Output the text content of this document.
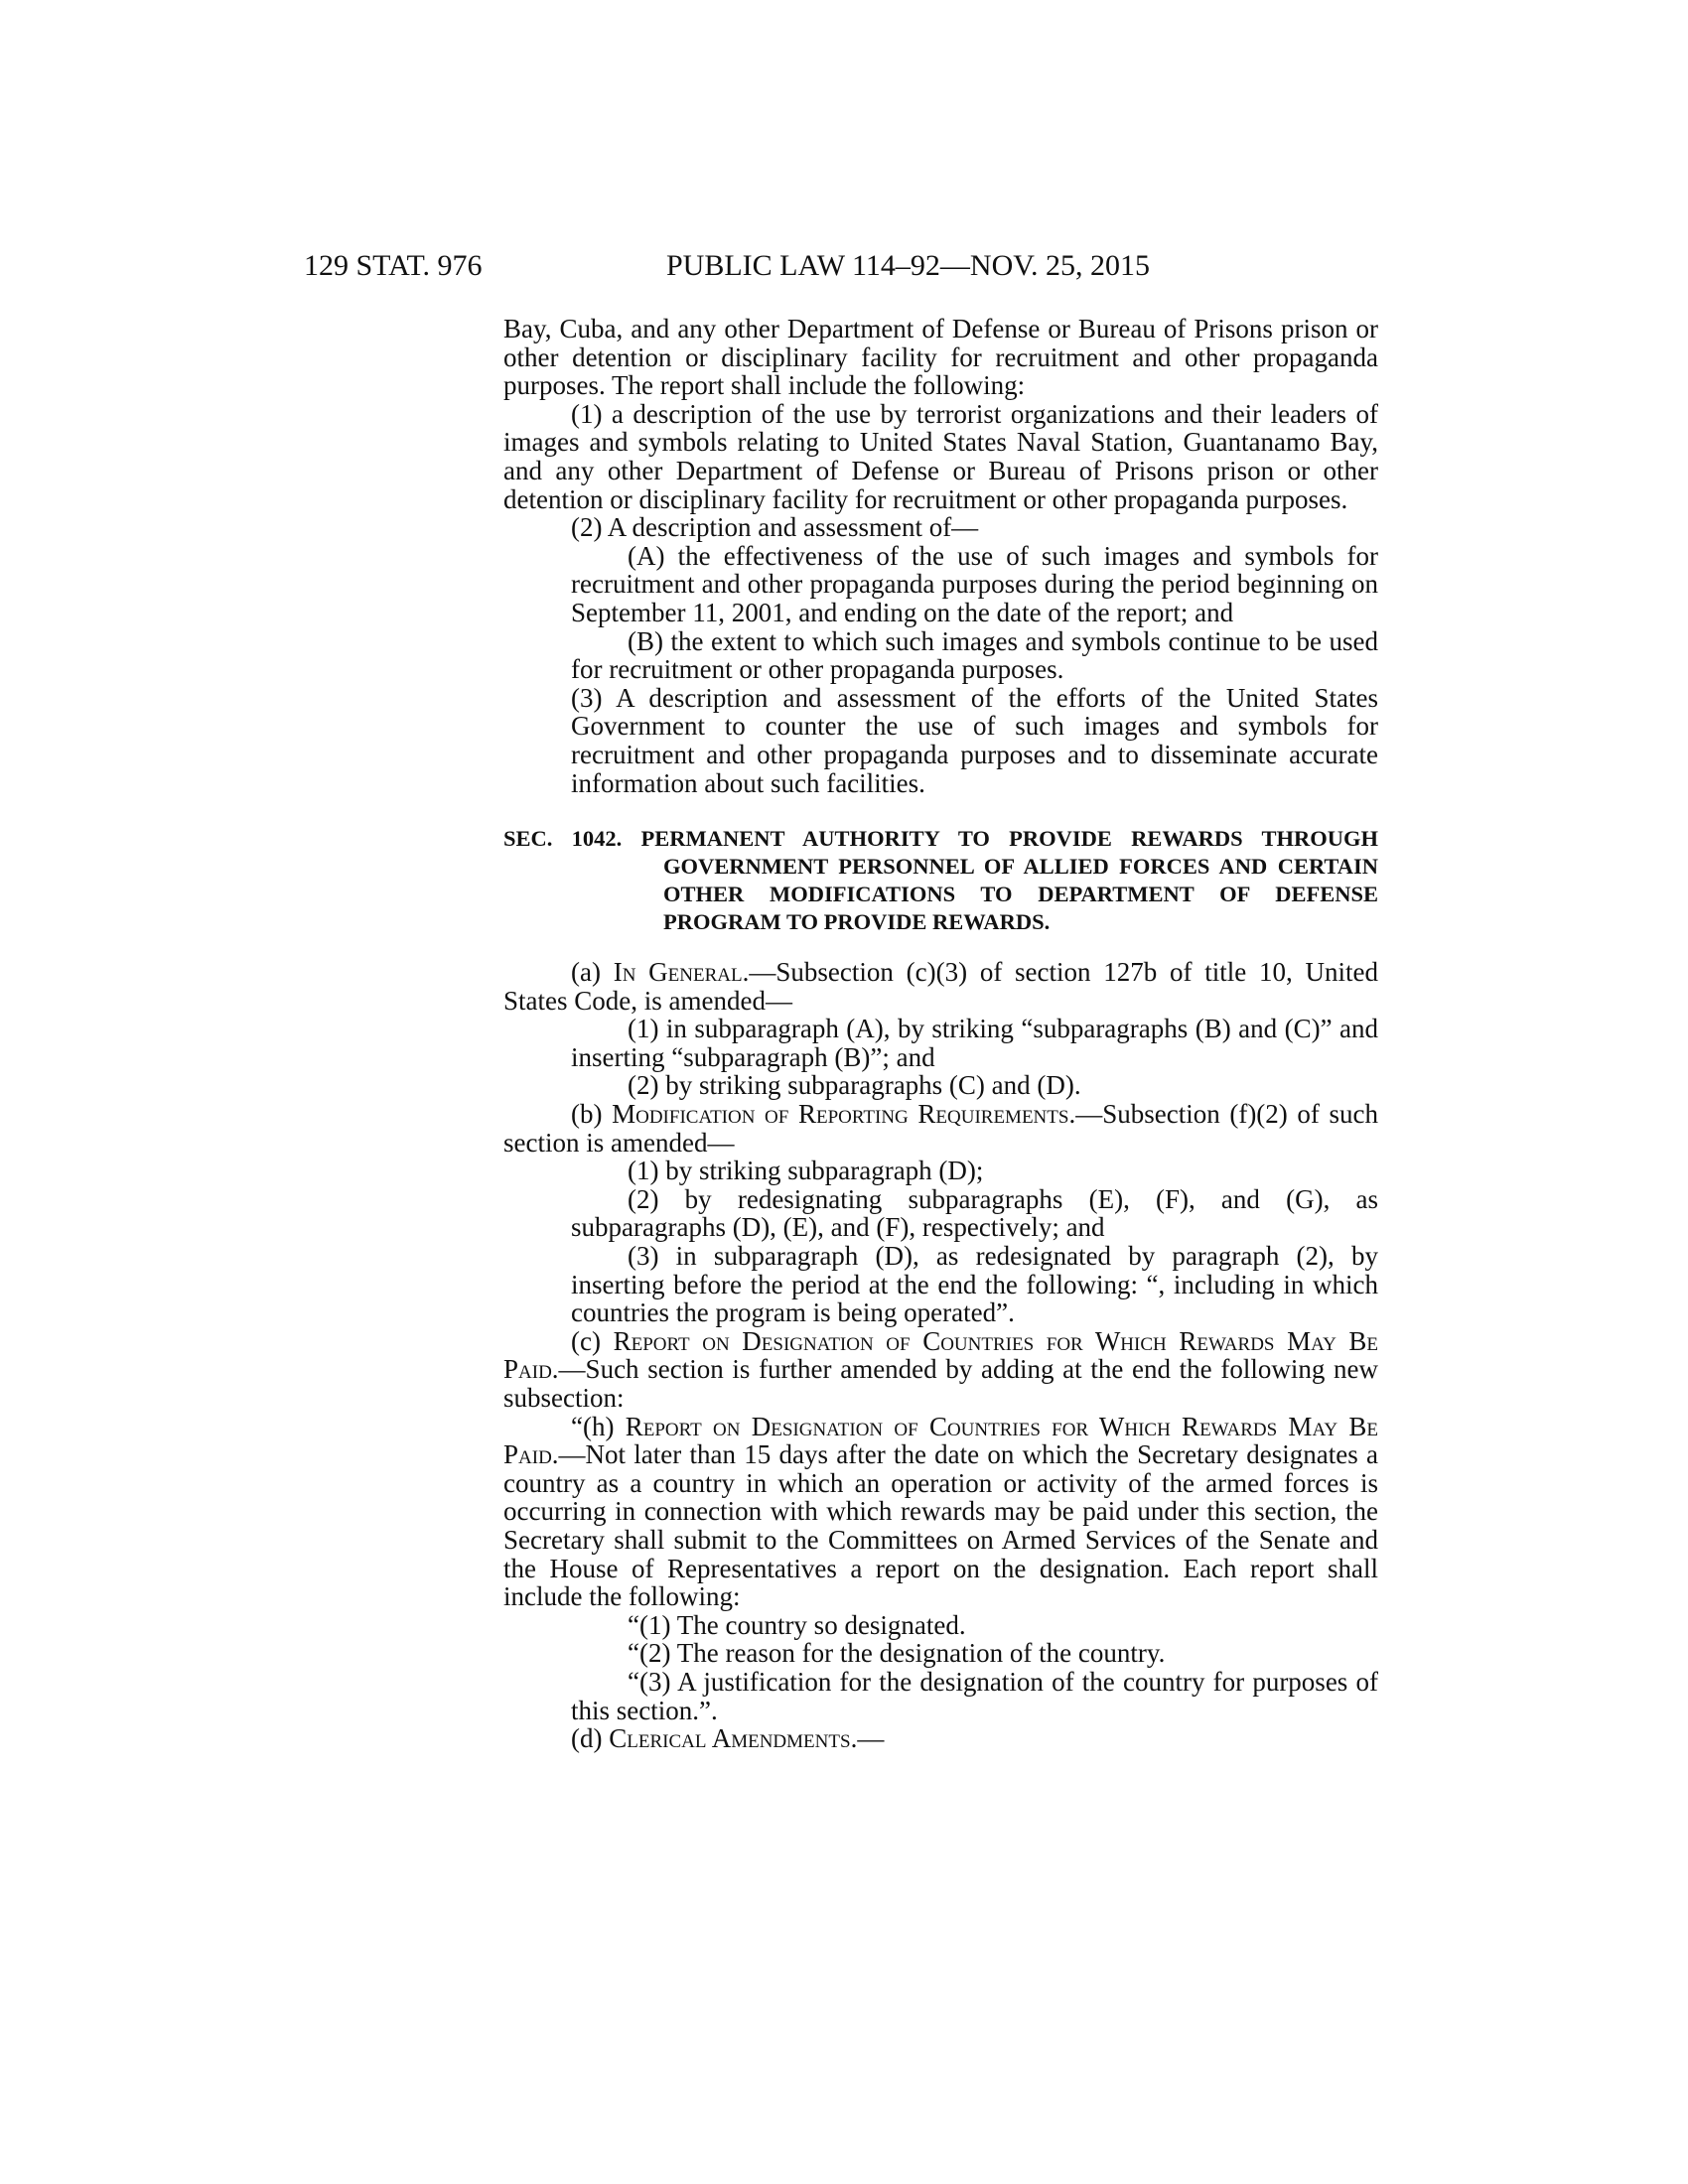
129 STAT. 976	PUBLIC LAW 114–92—NOV. 25, 2015

Bay, Cuba, and any other Department of Defense or Bureau of Prisons prison or other detention or disciplinary facility for recruitment and other propaganda purposes. The report shall include the following:

(1) a description of the use by terrorist organizations and their leaders of images and symbols relating to United States Naval Station, Guantanamo Bay, and any other Department of Defense or Bureau of Prisons prison or other detention or disciplinary facility for recruitment or other propaganda purposes.

(2) A description and assessment of—

(A) the effectiveness of the use of such images and symbols for recruitment and other propaganda purposes during the period beginning on September 11, 2001, and ending on the date of the report; and

(B) the extent to which such images and symbols continue to be used for recruitment or other propaganda purposes.

(3) A description and assessment of the efforts of the United States Government to counter the use of such images and symbols for recruitment and other propaganda purposes and to disseminate accurate information about such facilities.

SEC. 1042. PERMANENT AUTHORITY TO PROVIDE REWARDS THROUGH GOVERNMENT PERSONNEL OF ALLIED FORCES AND CERTAIN OTHER MODIFICATIONS TO DEPARTMENT OF DEFENSE PROGRAM TO PROVIDE REWARDS.

(a) In General.—Subsection (c)(3) of section 127b of title 10, United States Code, is amended—

(1) in subparagraph (A), by striking “subparagraphs (B) and (C)” and inserting “subparagraph (B)”; and

(2) by striking subparagraphs (C) and (D).

(b) Modification of Reporting Requirements.—Subsection (f)(2) of such section is amended—

(1) by striking subparagraph (D);

(2) by redesignating subparagraphs (E), (F), and (G), as subparagraphs (D), (E), and (F), respectively; and

(3) in subparagraph (D), as redesignated by paragraph (2), by inserting before the period at the end the following: “, including in which countries the program is being operated”.

(c) Report on Designation of Countries for Which Rewards May Be Paid.—Such section is further amended by adding at the end the following new subsection:

“(h) Report on Designation of Countries for Which Rewards May Be Paid.—Not later than 15 days after the date on which the Secretary designates a country as a country in which an operation or activity of the armed forces is occurring in connection with which rewards may be paid under this section, the Secretary shall submit to the Committees on Armed Services of the Senate and the House of Representatives a report on the designation. Each report shall include the following:

“(1) The country so designated.

“(2) The reason for the designation of the country.

“(3) A justification for the designation of the country for purposes of this section.”.

(d) Clerical Amendments.—
